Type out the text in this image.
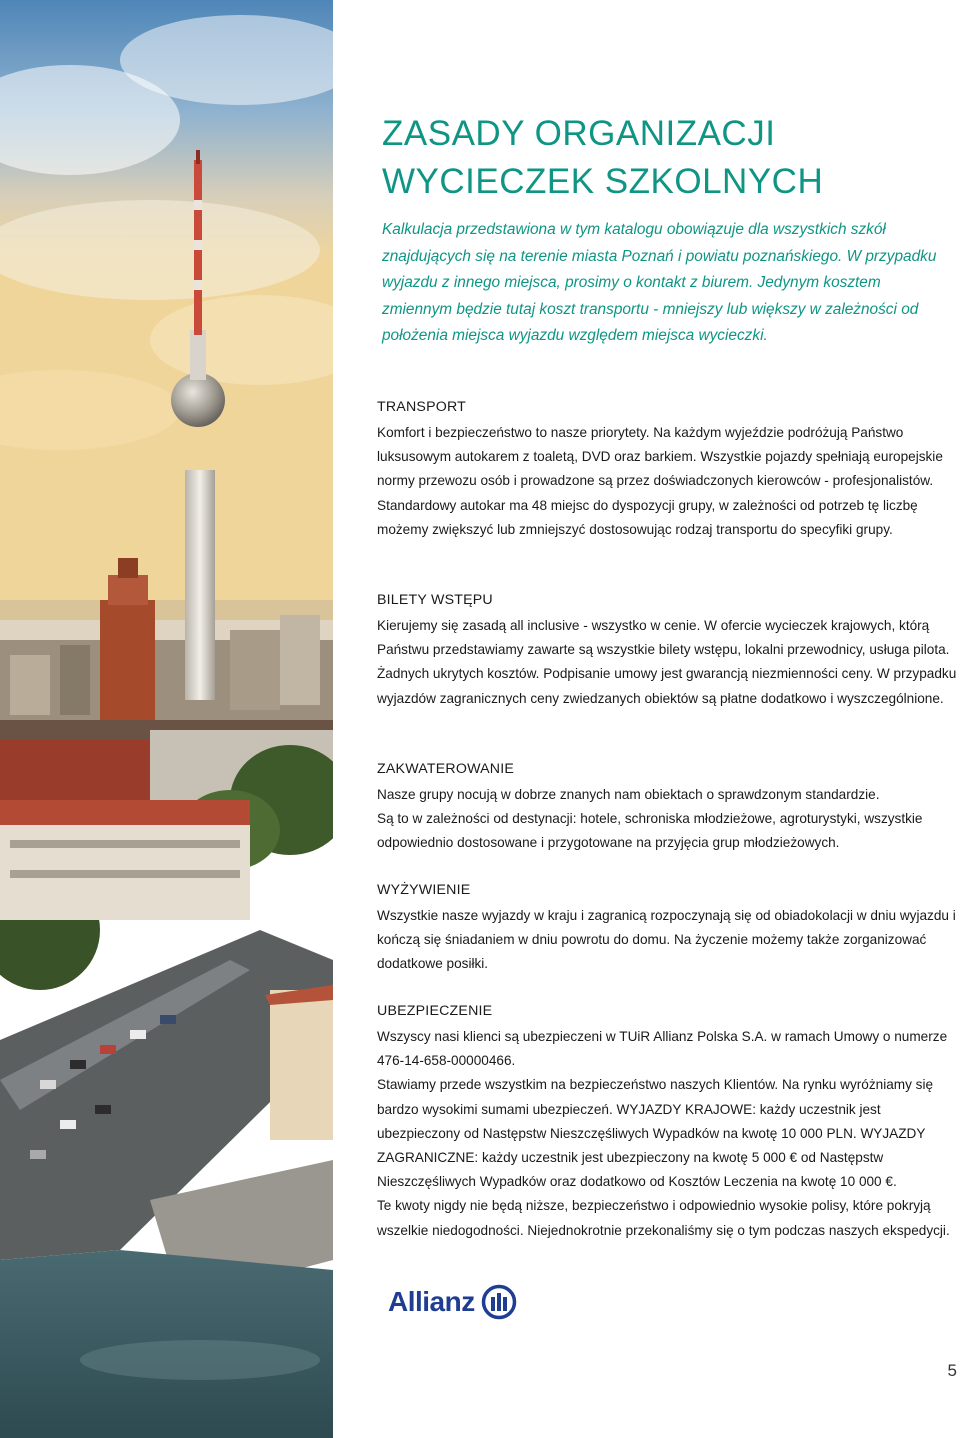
ZASADY ORGANIZACJI
WYCIECZEK SZKOLNYCH

Kalkulacja przedstawiona w tym katalogu obowiązuje dla wszystkich szkół znajdujących się na terenie miasta Poznań i powiatu poznańskiego. W przypadku wyjazdu z innego miejsca, prosimy o kontakt z biurem. Jedynym kosztem zmiennym będzie tutaj koszt transportu - mniejszy lub większy w zależności od położenia miejsca wyjazdu względem miejsca wycieczki.

TRANSPORT

Komfort i bezpieczeństwo to nasze priorytety. Na każdym wyjeździe podróżują Państwo luksusowym autokarem z toaletą, DVD oraz barkiem. Wszystkie pojazdy spełniają europejskie normy przewozu osób i prowadzone są przez doświadczonych kierowców - profesjonalistów. Standardowy autokar ma 48 miejsc do dyspozycji grupy, w zależności od potrzeb tę liczbę możemy zwiększyć lub zmniejszyć dostosowując rodzaj transportu do specyfiki grupy.

BILETY WSTĘPU

Kierujemy się zasadą all inclusive - wszystko w cenie. W ofercie wycieczek krajowych, którą Państwu przedstawiamy zawarte są wszystkie bilety wstępu, lokalni przewodnicy, usługa pilota. Żadnych ukrytych kosztów. Podpisanie umowy jest gwarancją niezmienności ceny. W przypadku wyjazdów zagranicznych ceny zwiedzanych obiektów są płatne dodatkowo i wyszczególnione.

ZAKWATEROWANIE

Nasze grupy nocują w dobrze znanych nam obiektach o sprawdzonym standardzie.

Są to w zależności od destynacji: hotele, schroniska młodzieżowe, agroturystyki, wszystkie odpowiednio dostosowane i przygotowane na przyjęcia grup młodzieżowych.

WYŻYWIENIE

Wszystkie nasze wyjazdy w kraju i zagranicą rozpoczynają się od obiadokolacji w dniu wyjazdu i kończą się śniadaniem w dniu powrotu do domu. Na życzenie możemy także zorganizować dodatkowe posiłki.

UBEZPIECZENIE

Wszyscy nasi klienci są ubezpieczeni w TUiR Allianz Polska S.A. w ramach Umowy o numerze 476-14-658-00000466.

Stawiamy przede wszystkim na bezpieczeństwo naszych Klientów. Na rynku wyróżniamy się bardzo wysokimi sumami ubezpieczeń. WYJAZDY KRAJOWE: każdy uczestnik jest ubezpieczony od Następstw Nieszczęśliwych Wypadków na kwotę 10 000 PLN. WYJAZDY ZAGRANICZNE: każdy uczestnik jest ubezpieczony na kwotę 5 000 € od Następstw Nieszczęśliwych Wypadków oraz dodatkowo od Kosztów Leczenia na kwotę 10 000 €.

Te kwoty nigdy nie będą niższe, bezpieczeństwo i odpowiednio wysokie polisy, które pokryją wszelkie niedogodności. Niejednokrotnie przekonaliśmy się o tym podczas naszych ekspedycji.

Allianz
5
